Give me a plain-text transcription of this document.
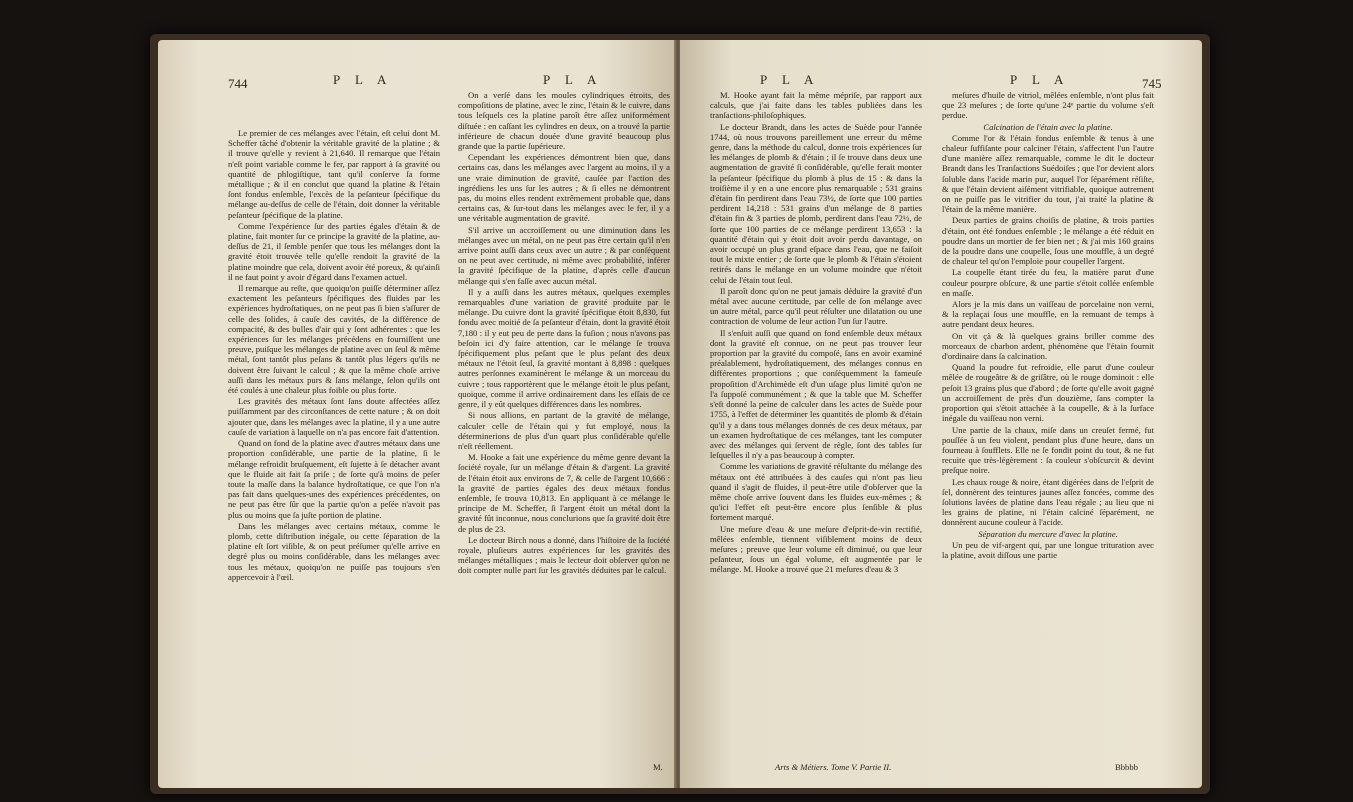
744	P L A	P L A

Le premier de ces mélanges avec l'étain, eſt celui dont M. Scheffer tâché d'obtenir la véritable gravité de la platine ; & il trouve qu'elle y revient à 21,640. Il remarque que l'étain n'eſt point variable comme le fer, par rapport à ſa gravité ou quantité de phlogiſtique, tant qu'il conſerve ſa forme métallique ; & il en conclut que quand la platine & l'étain ſont fondus enſemble, l'excès de la peſanteur ſpécifique du mélange au-deſſus de celle de l'étain, doit donner la véritable peſanteur ſpécifique de la platine.

Comme l'expérience ſur des parties égales d'étain & de platine, fait monter ſur ce principe la gravité de la platine, au-deſſus de 21, il ſemble penſer que tous les mélanges dont la gravité étoit trouvée telle qu'elle rendoit la gravité de la platine moindre que cela, doivent avoir été poreux, & qu'ainſi il ne faut point y avoir d'égard dans l'examen actuel.

Il remarque au reſte, que quoiqu'on puiſſe déterminer aſſez exactement les peſanteurs ſpécifiques des fluides par les expériences hydroſtatiques, on ne peut pas ſi bien s'aſſurer de celle des ſolides, à cauſe des cavités, de la différence de compacité, & des bulles d'air qui y ſont adhérentes : que les expériences ſur les mélanges précédens en fourniſſent une preuve, puiſque les mélanges de platine avec un ſeul & même métal, ſont tantôt plus peſans & tantôt plus légers qu'ils ne doivent être ſuivant le calcul ; & que la même choſe arrive auſſi dans les métaux purs & ſans mélange, ſelon qu'ils ont été coulés à une chaleur plus foible ou plus forte.

Les gravités des métaux ſont ſans doute affectées aſſez puiſſamment par des circonſtances de cette nature ; & on doit ajouter que, dans les mélanges avec la platine, il y a une autre cauſe de variation à laquelle on n'a pas encore fait d'attention.

Quand on fond de la platine avec d'autres métaux dans une proportion conſidérable, une partie de la platine, ſi le mélange refroidit bruſquement, eſt ſujette à ſe détacher avant que le fluide ait fait ſa priſe ; de ſorte qu'à moins de peſer toute la maſſe dans la balance hydroſtatique, ce que l'on n'a pas fait dans quelques-unes des expériences précédentes, on ne peut pas être ſûr que la partie qu'on a peſée n'avoit pas plus ou moins que ſa juſte portion de platine.

Dans les mélanges avec certains métaux, comme le plomb, cette diſtribution inégale, ou cette ſéparation de la platine eſt ſort viſible, & on peut préſumer qu'elle arrive en degré plus ou moins conſidérable, dans les mélanges avec tous les métaux, quoiqu'on ne puiſſe pas toujours s'en appercevoir à l'œil.

On a verſé dans les moules cylindriques étroits, des compoſitions de platine, avec le zinc, l'étain & le cuivre, dans tous leſquels ces la platine paroît être aſſez uniformément diſtuée : en caſſant les cylindres en deux, on a trouvé la partie inférieure de chacun douée d'une gravité beaucoup plus grande que la partie ſupérieure.

Cependant les expériences démontrent bien que, dans certains cas, dans les mélanges avec l'argent au moins, il y a une vraie diminution de gravité, cauſée par l'action des ingrédiens les uns ſur les autres ; & ſi elles ne démontrent pas, du moins elles rendent extrêmement probable que, dans certains cas, & ſur-tout dans les mélanges avec le fer, il y a une véritable augmentation de gravité.

S'il arrive un accroiſſement ou une diminution dans les mélanges avec un métal, on ne peut pas être certain qu'il n'en arrive point auſſi dans ceux avec un autre ; & par conſéquent on ne peut avec certitude, ni même avec probabilité, inférer la gravité ſpécifique de la platine, d'après celle d'aucun mélange qui s'en faſſe avec aucun métal.

Il y a auſſi dans les autres métaux, quelques exemples remarquables d'une variation de gravité produite par le mélange. Du cuivre dont la gravité ſpécifique étoit 8,830, fut fondu avec moitié de ſa peſanteur d'étain, dont la gravité étoit 7,180 : il y eut peu de perte dans la fuſion ; nous n'avons pas beſoin ici d'y faire attention, car le mélange ſe trouva ſpécifiquement plus peſant que le plus peſant des deux métaux ne l'étoit ſeul, ſa gravité montant à 8,898 : quelques autres perſonnes examinèrent le mélange & un morceau du cuivre ; tous rapportèrent que le mélange étoit le plus peſant, quoique, comme il arrive ordinairement dans les eſſais de ce genre, il y eût quelques différences dans les nombres.

Si nous allions, en partant de la gravité de mélange, calculer celle de l'étain qui y fut employé, nous la déterminerions de plus d'un quart plus conſidérable qu'elle n'eſt réellement.

M. Hooke a fait une expérience du même genre devant la ſociété royale, ſur un mélange d'étain & d'argent. La gravité de l'étain étoit aux environs de 7, & celle de l'argent 10,666 : la gravité de parties égales des deux métaux fondus enſemble, ſe trouva 10,813. En appliquant à ce mélange le principe de M. Scheffer, ſi l'argent étoit un métal dont la gravité fût inconnue, nous conclurions que ſa gravité doit être de plus de 23.

Le docteur Birch nous a donné, dans l'hiſtoire de la ſociété royale, pluſieurs autres expériences ſur les gravités des mélanges métalliques ; mais le lecteur doit obſerver qu'on ne doit compter nulle part ſur les gravités déduites par le calcul.

M.
P L A	P L A	745

M. Hooke ayant fait la même mépriſe, par rapport aux calculs, que j'ai faite dans les tables publiées dans les tranſactions-philoſophiques.

Le docteur Brandt, dans les actes de Suède pour l'année 1744, où nous trouvons pareillement une erreur du même genre, dans la méthode du calcul, donne trois expériences ſur les mélanges de plomb & d'étain ; il ſe trouve dans deux une augmentation de gravité ſi conſidérable, qu'elle ferait monter la peſanteur ſpécifique du plomb à plus de 15 : & dans la troiſième il y en a une encore plus remarquable ; 531 grains d'étain fin perdirent dans l'eau 73½, de ſorte que 100 parties perdirent 14,218 : 531 grains d'un mélange de 8 parties d'étain fin & 3 parties de plomb, perdirent dans l'eau 72½, de ſorte que 100 parties de ce mélange perdirent 13,653 : la quantité d'étain qui y étoit doit avoir perdu davantage, on avoir occupé un plus grand eſpace dans l'eau, que ne faiſoit tout le mixte entier ; de ſorte que le plomb & l'étain s'étoient retirés dans le mélange en un volume moindre que n'étoit celui de l'étain tout ſeul.

Il paroît donc qu'on ne peut jamais déduire la gravité d'un métal avec aucune certitude, par celle de ſon mélange avec un autre métal, parce qu'il peut réſulter une dilatation ou une contraction de volume de leur action l'un ſur l'autre.

Il s'enſuit auſſi que quand on fond enſemble deux métaux dont la gravité eſt connue, on ne peut pas trouver leur proportion par la gravité du compoſé, ſans en avoir examiné préalablement, hydroſtatiquement, des mélanges connus en différentes proportions ; que conſéquemment la fameuſe propoſition d'Archimède eſt d'un uſage plus limité qu'on ne l'a ſuppoſé communément ; & que la table que M. Scheffer s'eſt donné la peine de calculer dans les actes de Suède pour 1755, à l'effet de déterminer les quantités de plomb & d'étain qu'il y a dans tous mélanges donnés de ces deux métaux, par un examen hydroſtatique de ces mélanges, tant les computer avec des mélanges qui ſervent de règle, ſont des tables ſur leſquelles il n'y a pas beaucoup à compter.

Comme les variations de gravité réſultante du mélange des métaux ont été attribuées à des cauſes qui n'ont pas lieu quand il s'agit de fluides, il peut-être utile d'obſerver que la même choſe arrive ſouvent dans les fluides eux-mêmes ; & qu'ici l'effet eſt peut-être encore plus ſenſible & plus fortement marqué.

Une meſure d'eau & une meſure d'eſprit-de-vin rectifié, mêlées enſemble, tiennent viſiblement moins de deux meſures ; preuve que leur volume eſt diminué, ou que leur peſanteur, ſous un égal volume, eſt augmentée par le mélange. M. Hooke a trouvé que 21 meſures d'eau & 3

Arts & Métiers. Tome V. Partie II.

meſures d'huile de vitriol, mêlées enſemble, n'ont plus fait que 23 meſures ; de ſorte qu'une 24ᵉ partie du volume s'eſt perdue.

Calcination de l'étain avec la platine.

Comme l'or & l'étain fondus enſemble & tenus à une chaleur ſuffiſante pour calciner l'étain, s'affectent l'un l'autre d'une manière aſſez remarquable, comme le dit le docteur Brandt dans les Tranſactions Suédoiſes ; que l'or devient alors ſoluble dans l'acide marin pur, auquel l'or ſéparément réſiſte, & que l'étain devient aiſément vitrifiable, quoique autrement on ne puiſſe pas le vitrifier du tout, j'ai traité la platine & l'étain de la même manière.

Deux parties de grains choiſis de platine, & trois parties d'étain, ont été fondues enſemble ; le mélange a été réduit en poudre dans un mortier de fer bien net ; & j'ai mis 160 grains de la poudre dans une coupelle, ſous une mouffle, à un degré de chaleur tel qu'on l'emploie pour coupeller l'argent.

La coupelle étant tirée du feu, la matière parut d'une couleur pourpre obſcure, & une partie s'étoit collée enſemble en maſſe.

Alors je la mis dans un vaiſſeau de porcelaine non verni, & la replaçai ſous une mouffle, en la remuant de temps à autre pendant deux heures.

On vit çà & là quelques grains briller comme des morceaux de charbon ardent, phénomène que l'étain fournit d'ordinaire dans ſa calcination.

Quand la poudre fut refroidie, elle parut d'une couleur mêlée de rougeâtre & de griſâtre, où le rouge dominoit : elle peſoit 13 grains plus que d'abord ; de ſorte qu'elle avoit gagné un accroiſſement de près d'un douzième, ſans compter la proportion qui s'étoit attachée à la coupelle, & à la ſurface inégale du vaiſſeau non verni.

Une partie de la chaux, miſe dans un creuſet fermé, fut pouſſée à un feu violent, pendant plus d'une heure, dans un fourneau à ſoufflets. Elle ne ſe fondit point du tout, & ne fut recuite que très-légèrement : ſa couleur s'obſcurcit & devint preſque noire.

Les chaux rouge & noire, étant digérées dans de l'eſprit de ſel, donnèrent des teintures jaunes aſſez foncées, comme des ſolutions lavées de platine dans l'eau régale ; au lieu que ni les grains de platine, ni l'étain calciné ſéparément, ne donnèrent aucune couleur à l'acide.

Séparation du mercure d'avec la platine.

Un peu de vif-argent qui, par une longue trituration avec la platine, avoit diſſous une partie

Bbbbb
